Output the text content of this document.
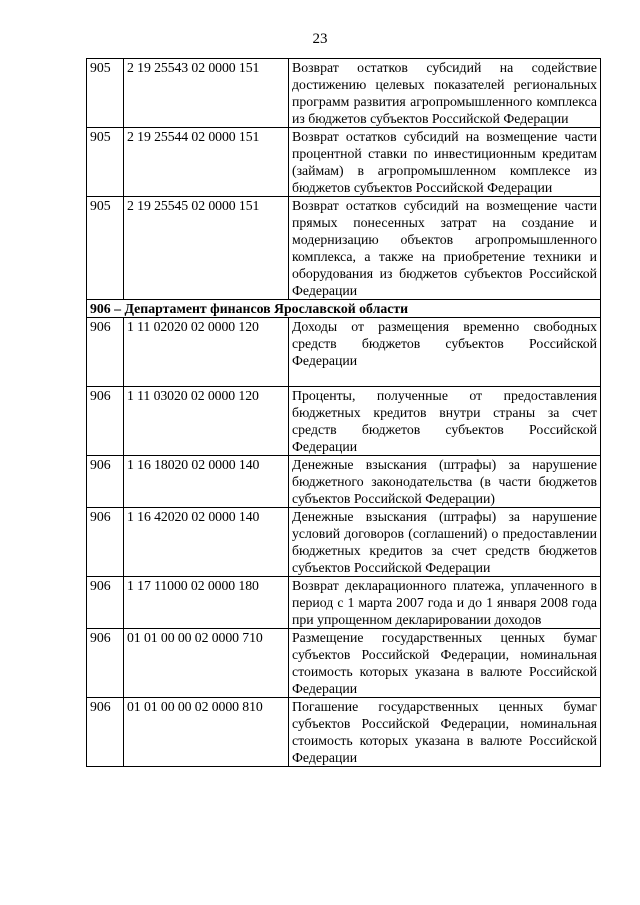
23
905	2 19 25543 02 0000 151	Возврат остатков субсидий на содействие достижению целевых показателей региональных программ развития агропромышленного комплекса из бюджетов субъектов Российской Федерации
905	2 19 25544 02 0000 151	Возврат остатков субсидий на возмещение части процентной ставки по инвестиционным кредитам (займам) в агропромышленном комплексе из бюджетов субъектов Российской Федерации
905	2 19 25545 02 0000 151	Возврат остатков субсидий на возмещение части прямых понесенных затрат на создание и модернизацию объектов агропромышленного комплекса, а также на приобретение техники и оборудования из бюджетов субъектов Российской Федерации
906 – Департамент финансов Ярославской области		
906	1 11 02020 02 0000 120	Доходы от размещения временно свободных средств бюджетов субъектов Российской Федерации
906	1 11 03020 02 0000 120	Проценты, полученные от предоставления бюджетных кредитов внутри страны за счет средств бюджетов субъектов Российской Федерации
906	1 16 18020 02 0000 140	Денежные взыскания (штрафы) за нарушение бюджетного законодательства (в части бюджетов субъектов Российской Федерации)
906	1 16 42020 02 0000 140	Денежные взыскания (штрафы) за нарушение условий договоров (соглашений) о предоставлении бюджетных кредитов за счет средств бюджетов субъектов Российской Федерации
906	1 17 11000 02 0000 180	Возврат декларационного платежа, уплаченного в период с 1 марта 2007 года и до 1 января 2008 года при упрощенном декларировании доходов
906	01 01 00 00 02 0000 710	Размещение государственных ценных бумаг субъектов Российской Федерации, номинальная стоимость которых указана в валюте Российской Федерации
906	01 01 00 00 02 0000 810	Погашение государственных ценных бумаг субъектов Российской Федерации, номинальная стоимость которых указана в валюте Российской Федерации
